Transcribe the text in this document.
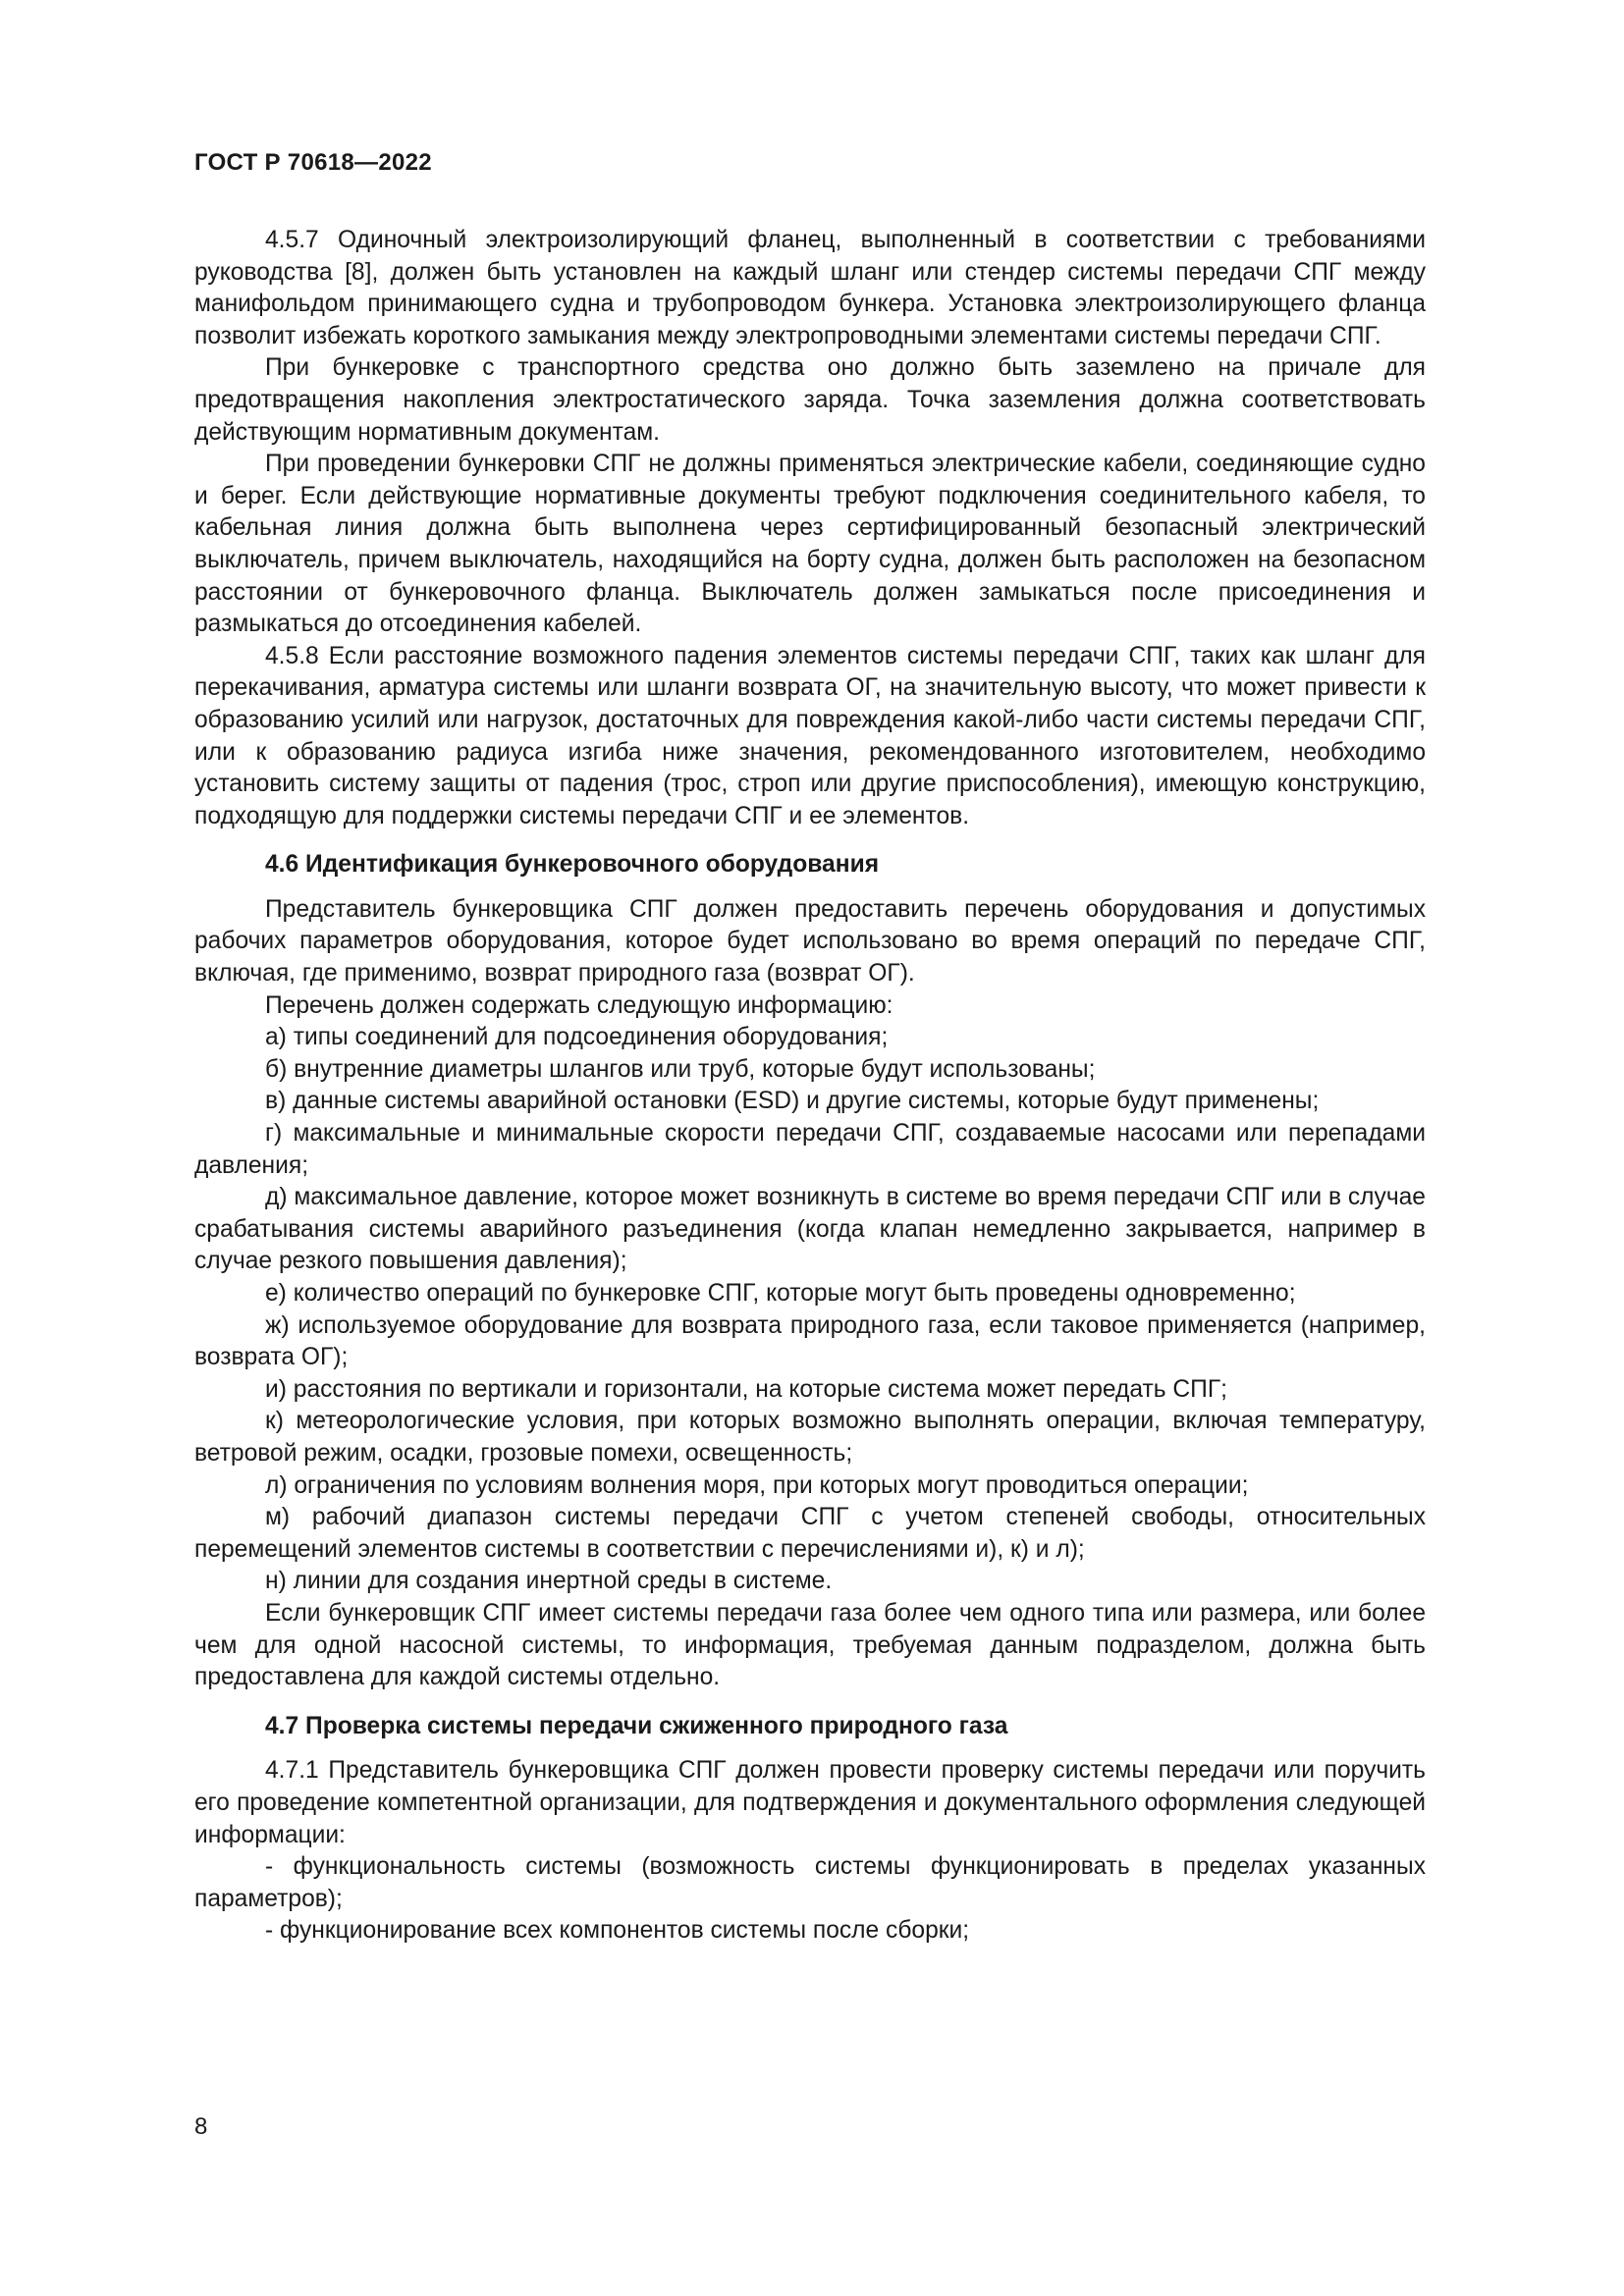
ГОСТ Р 70618—2022

4.5.7 Одиночный электроизолирующий фланец, выполненный в соответствии с требованиями руководства [8], должен быть установлен на каждый шланг или стендер системы передачи СПГ между манифольдом принимающего судна и трубопроводом бункера. Установка электроизолирующего фланца позволит избежать короткого замыкания между электропроводными элементами системы передачи СПГ.

При бункеровке с транспортного средства оно должно быть заземлено на причале для предотвращения накопления электростатического заряда. Точка заземления должна соответствовать действующим нормативным документам.

При проведении бункеровки СПГ не должны применяться электрические кабели, соединяющие судно и берег. Если действующие нормативные документы требуют подключения соединительного кабеля, то кабельная линия должна быть выполнена через сертифицированный безопасный электрический выключатель, причем выключатель, находящийся на борту судна, должен быть расположен на безопасном расстоянии от бункеровочного фланца. Выключатель должен замыкаться после присоединения и размыкаться до отсоединения кабелей.

4.5.8 Если расстояние возможного падения элементов системы передачи СПГ, таких как шланг для перекачивания, арматура системы или шланги возврата ОГ, на значительную высоту, что может привести к образованию усилий или нагрузок, достаточных для повреждения какой-либо части системы передачи СПГ, или к образованию радиуса изгиба ниже значения, рекомендованного изготовителем, необходимо установить систему защиты от падения (трос, строп или другие приспособления), имеющую конструкцию, подходящую для поддержки системы передачи СПГ и ее элементов.

4.6 Идентификация бункеровочного оборудования

Представитель бункеровщика СПГ должен предоставить перечень оборудования и допустимых рабочих параметров оборудования, которое будет использовано во время операций по передаче СПГ, включая, где применимо, возврат природного газа (возврат ОГ).

Перечень должен содержать следующую информацию:

а) типы соединений для подсоединения оборудования;

б) внутренние диаметры шлангов или труб, которые будут использованы;

в) данные системы аварийной остановки (ESD) и другие системы, которые будут применены;

г) максимальные и минимальные скорости передачи СПГ, создаваемые насосами или перепадами давления;

д) максимальное давление, которое может возникнуть в системе во время передачи СПГ или в случае срабатывания системы аварийного разъединения (когда клапан немедленно закрывается, например в случае резкого повышения давления);

е) количество операций по бункеровке СПГ, которые могут быть проведены одновременно;

ж) используемое оборудование для возврата природного газа, если таковое применяется (например, возврата ОГ);

и) расстояния по вертикали и горизонтали, на которые система может передать СПГ;

к) метеорологические условия, при которых возможно выполнять операции, включая температуру, ветровой режим, осадки, грозовые помехи, освещенность;

л) ограничения по условиям волнения моря, при которых могут проводиться операции;

м) рабочий диапазон системы передачи СПГ с учетом степеней свободы, относительных перемещений элементов системы в соответствии с перечислениями и), к) и л);

н) линии для создания инертной среды в системе.

Если бункеровщик СПГ имеет системы передачи газа более чем одного типа или размера, или более чем для одной насосной системы, то информация, требуемая данным подразделом, должна быть предоставлена для каждой системы отдельно.

4.7 Проверка системы передачи сжиженного природного газа

4.7.1 Представитель бункеровщика СПГ должен провести проверку системы передачи или поручить его проведение компетентной организации, для подтверждения и документального оформления следующей информации:

- функциональность системы (возможность системы функционировать в пределах указанных параметров);

- функционирование всех компонентов системы после сборки;

8
